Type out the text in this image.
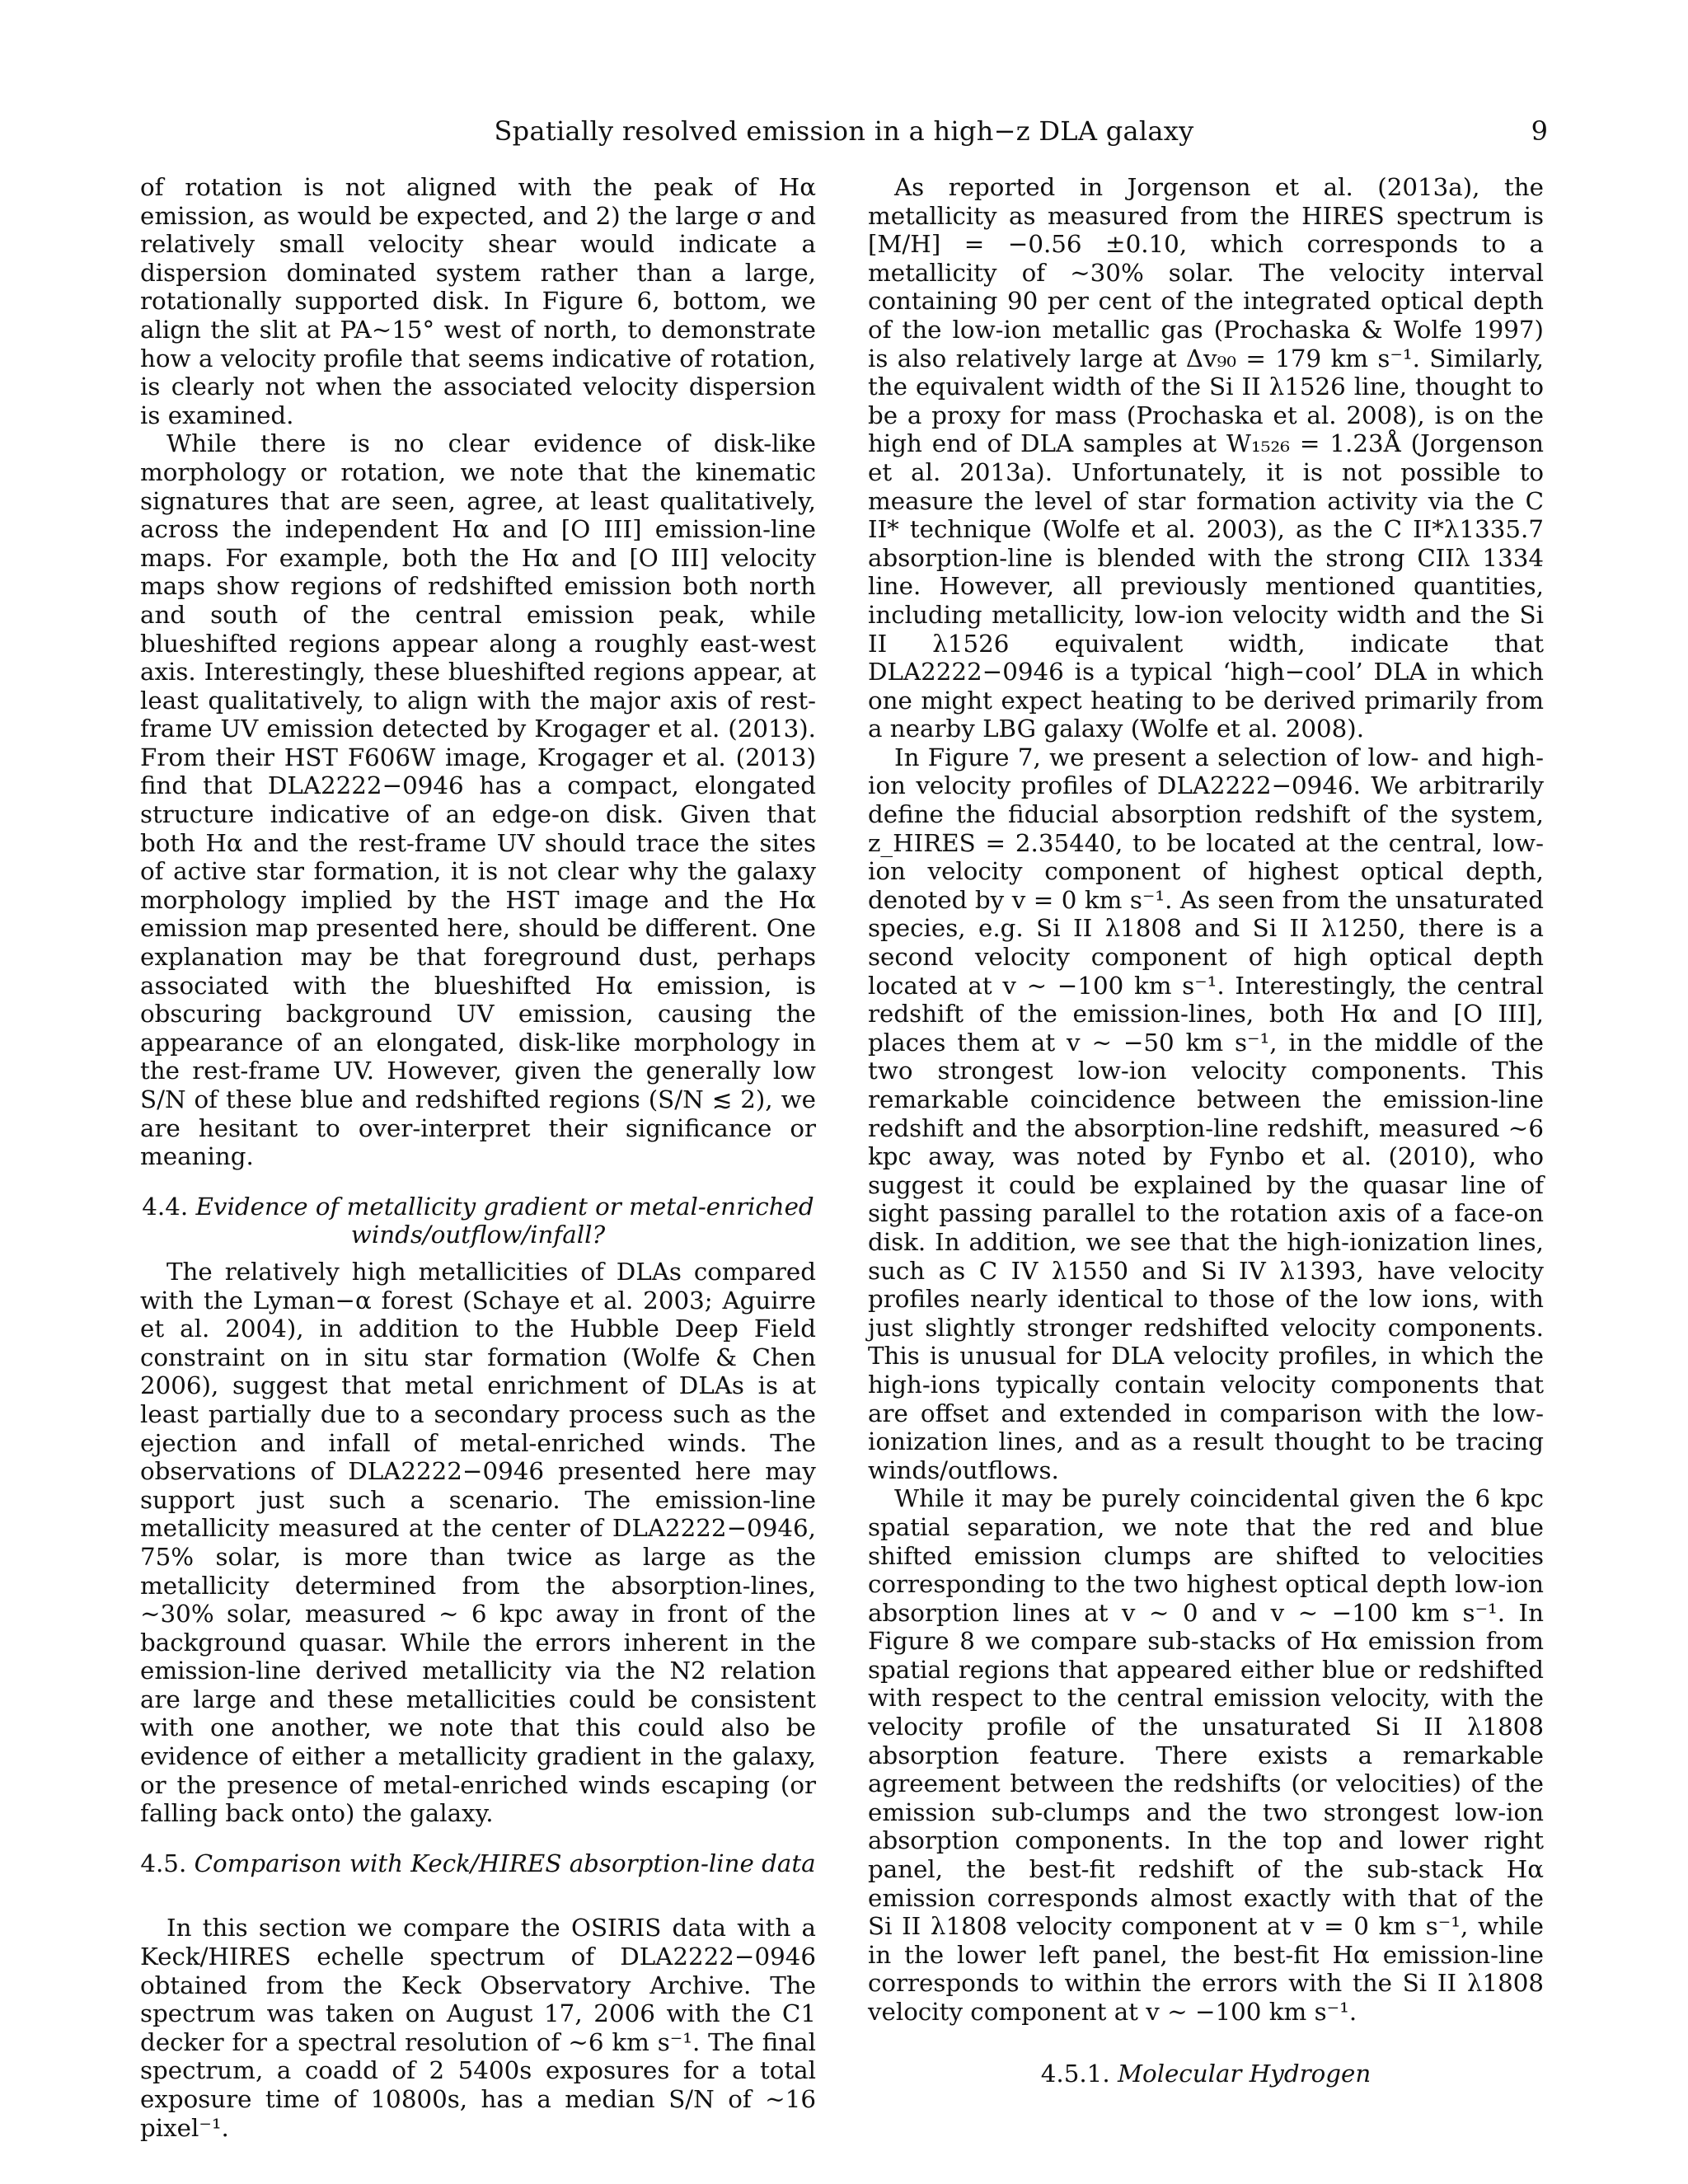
Spatially resolved emission in a high−z DLA galaxy	9

of rotation is not aligned with the peak of Hα emission, as would be expected, and 2) the large σ and relatively small velocity shear would indicate a dispersion dominated system rather than a large, rotationally supported disk. In Figure 6, bottom, we align the slit at PA∼15° west of north, to demonstrate how a velocity profile that seems indicative of rotation, is clearly not when the associated velocity dispersion is examined.

While there is no clear evidence of disk-like morphology or rotation, we note that the kinematic signatures that are seen, agree, at least qualitatively, across the independent Hα and [O III] emission-line maps. For example, both the Hα and [O III] velocity maps show regions of redshifted emission both north and south of the central emission peak, while blueshifted regions appear along a roughly east-west axis. Interestingly, these blueshifted regions appear, at least qualitatively, to align with the major axis of rest-frame UV emission detected by Krogager et al. (2013). From their HST F606W image, Krogager et al. (2013) find that DLA2222−0946 has a compact, elongated structure indicative of an edge-on disk. Given that both Hα and the rest-frame UV should trace the sites of active star formation, it is not clear why the galaxy morphology implied by the HST image and the Hα emission map presented here, should be different. One explanation may be that foreground dust, perhaps associated with the blueshifted Hα emission, is obscuring background UV emission, causing the appearance of an elongated, disk-like morphology in the rest-frame UV. However, given the generally low S/N of these blue and redshifted regions (S/N ≲ 2), we are hesitant to over-interpret their significance or meaning.

4.4. Evidence of metallicity gradient or metal-enriched winds/outflow/infall?

The relatively high metallicities of DLAs compared with the Lyman−α forest (Schaye et al. 2003; Aguirre et al. 2004), in addition to the Hubble Deep Field constraint on in situ star formation (Wolfe & Chen 2006), suggest that metal enrichment of DLAs is at least partially due to a secondary process such as the ejection and infall of metal-enriched winds. The observations of DLA2222−0946 presented here may support just such a scenario. The emission-line metallicity measured at the center of DLA2222−0946, 75% solar, is more than twice as large as the metallicity determined from the absorption-lines, ∼30% solar, measured ∼ 6 kpc away in front of the background quasar. While the errors inherent in the emission-line derived metallicity via the N2 relation are large and these metallicities could be consistent with one another, we note that this could also be evidence of either a metallicity gradient in the galaxy, or the presence of metal-enriched winds escaping (or falling back onto) the galaxy.

4.5. Comparison with Keck/HIRES absorption-line data

In this section we compare the OSIRIS data with a Keck/HIRES echelle spectrum of DLA2222−0946 obtained from the Keck Observatory Archive. The spectrum was taken on August 17, 2006 with the C1 decker for a spectral resolution of ∼6 km s⁻¹. The final spectrum, a coadd of 2 5400s exposures for a total exposure time of 10800s, has a median S/N of ∼16 pixel⁻¹.

As reported in Jorgenson et al. (2013a), the metallicity as measured from the HIRES spectrum is [M/H] = −0.56 ±0.10, which corresponds to a metallicity of ∼30% solar. The velocity interval containing 90 per cent of the integrated optical depth of the low-ion metallic gas (Prochaska & Wolfe 1997) is also relatively large at Δv₉₀ = 179 km s⁻¹. Similarly, the equivalent width of the Si II λ1526 line, thought to be a proxy for mass (Prochaska et al. 2008), is on the high end of DLA samples at W₁₅₂₆ = 1.23Å (Jorgenson et al. 2013a). Unfortunately, it is not possible to measure the level of star formation activity via the C II* technique (Wolfe et al. 2003), as the C II*λ1335.7 absorption-line is blended with the strong CIIλ 1334 line. However, all previously mentioned quantities, including metallicity, low-ion velocity width and the Si II λ1526 equivalent width, indicate that DLA2222−0946 is a typical ‘high−cool’ DLA in which one might expect heating to be derived primarily from a nearby LBG galaxy (Wolfe et al. 2008).

In Figure 7, we present a selection of low- and high-ion velocity profiles of DLA2222−0946. We arbitrarily define the fiducial absorption redshift of the system, z_HIRES = 2.35440, to be located at the central, low-ion velocity component of highest optical depth, denoted by v = 0 km s⁻¹. As seen from the unsaturated species, e.g. Si II λ1808 and Si II λ1250, there is a second velocity component of high optical depth located at v ∼ −100 km s⁻¹. Interestingly, the central redshift of the emission-lines, both Hα and [O III], places them at v ∼ −50 km s⁻¹, in the middle of the two strongest low-ion velocity components. This remarkable coincidence between the emission-line redshift and the absorption-line redshift, measured ∼6 kpc away, was noted by Fynbo et al. (2010), who suggest it could be explained by the quasar line of sight passing parallel to the rotation axis of a face-on disk. In addition, we see that the high-ionization lines, such as C IV λ1550 and Si IV λ1393, have velocity profiles nearly identical to those of the low ions, with just slightly stronger redshifted velocity components. This is unusual for DLA velocity profiles, in which the high-ions typically contain velocity components that are offset and extended in comparison with the low-ionization lines, and as a result thought to be tracing winds/outflows.

While it may be purely coincidental given the 6 kpc spatial separation, we note that the red and blue shifted emission clumps are shifted to velocities corresponding to the two highest optical depth low-ion absorption lines at v ∼ 0 and v ∼ −100 km s⁻¹. In Figure 8 we compare sub-stacks of Hα emission from spatial regions that appeared either blue or redshifted with respect to the central emission velocity, with the velocity profile of the unsaturated Si II λ1808 absorption feature. There exists a remarkable agreement between the redshifts (or velocities) of the emission sub-clumps and the two strongest low-ion absorption components. In the top and lower right panel, the best-fit redshift of the sub-stack Hα emission corresponds almost exactly with that of the Si II λ1808 velocity component at v = 0 km s⁻¹, while in the lower left panel, the best-fit Hα emission-line corresponds to within the errors with the Si II λ1808 velocity component at v ∼ −100 km s⁻¹.

4.5.1. Molecular Hydrogen
